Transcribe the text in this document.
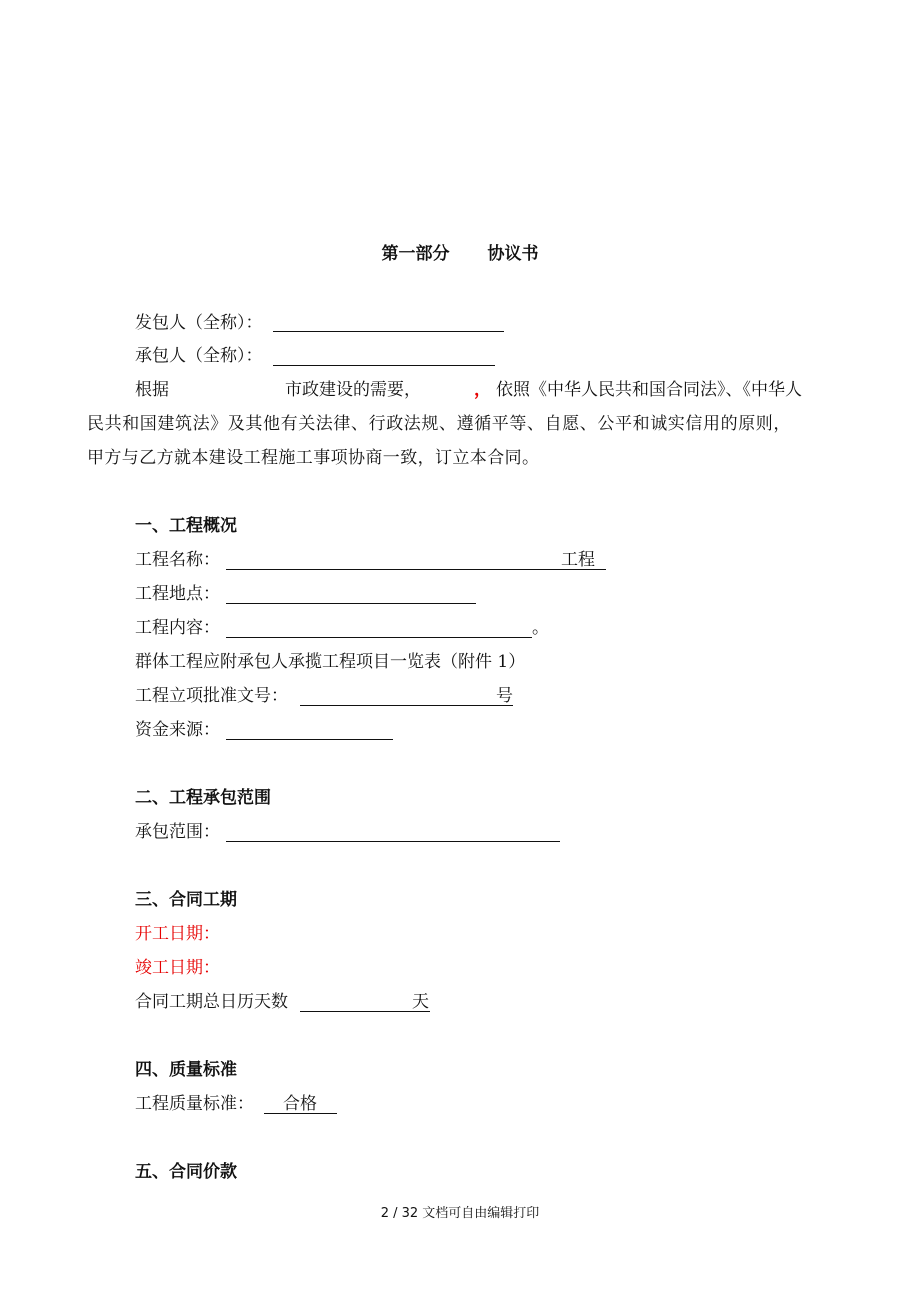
第一部分 协议书
发包人（全称）：
承包人（全称）：
根据	市政建设的需要，	， 依照《中华人民共和国合同法》、《中华人
民共和国建筑法》及其他有关法律、行政法规、遵循平等、自愿、公平和诚实信用的原则，
甲方与乙方就本建设工程施工事项协商一致，订立本合同。
一、工程概况
工程名称：	工程
工程地点：
工程内容：	。
群体工程应附承包人承揽工程项目一览表（附件 1）
工程立项批准文号：	号
资金来源：
二、工程承包范围
承包范围：
三、合同工期
开工日期：
竣工日期：
合同工期总日历天数	天
四、质量标准
工程质量标准： 合格
五、合同价款
2 / 32 文档可自由编辑打印
